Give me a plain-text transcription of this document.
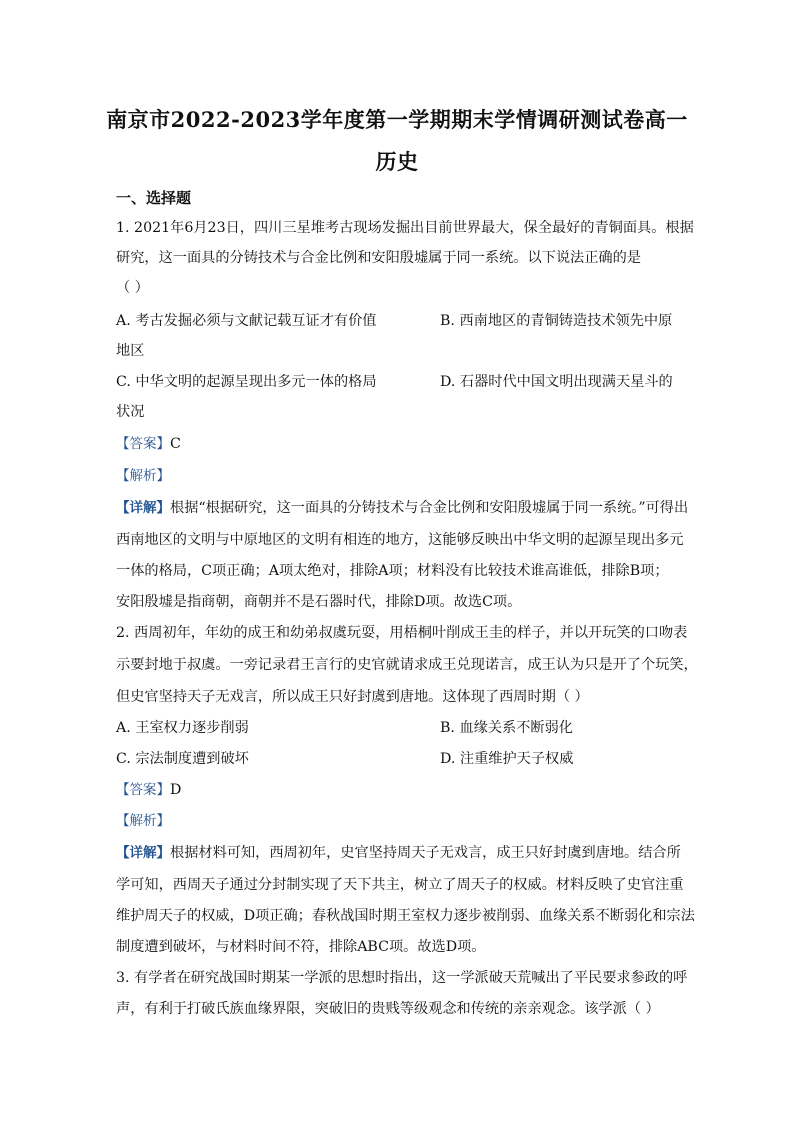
南京市2022-2023学年度第一学期期末学情调研测试卷高一
历史
一、选择题
1. 2021年6月23日，四川三星堆考古现场发掘出目前世界最大，保全最好的青铜面具。根据
研究，这一面具的分铸技术与合金比例和安阳殷墟属于同一系统。以下说法正确的是
（ ）
A. 考古发掘必须与文献记载互证才有价值	B. 西南地区的青铜铸造技术领先中原
地区
C. 中华文明的起源呈现出多元一体的格局	D. 石器时代中国文明出现满天星斗的
状况
【答案】C
【解析】
【详解】根据“根据研究，这一面具的分铸技术与合金比例和安阳殷墟属于同一系统。”可得出
西南地区的文明与中原地区的文明有相连的地方，这能够反映出中华文明的起源呈现出多元
一体的格局，C项正确；A项太绝对，排除A项；材料没有比较技术谁高谁低，排除B项；
安阳殷墟是指商朝，商朝并不是石器时代，排除D项。故选C项。
2. 西周初年，年幼的成王和幼弟叔虞玩耍，用梧桐叶削成王圭的样子，并以开玩笑的口吻表
示要封地于叔虞。一旁记录君王言行的史官就请求成王兑现诺言，成王认为只是开了个玩笑，
但史官坚持天子无戏言，所以成王只好封虞到唐地。这体现了西周时期（ ）
A. 王室权力逐步削弱	B. 血缘关系不断弱化
C. 宗法制度遭到破坏	D. 注重维护天子权威
【答案】D
【解析】
【详解】根据材料可知，西周初年，史官坚持周天子无戏言，成王只好封虞到唐地。结合所
学可知，西周天子通过分封制实现了天下共主，树立了周天子的权威。材料反映了史官注重
维护周天子的权威，D项正确；春秋战国时期王室权力逐步被削弱、血缘关系不断弱化和宗法
制度遭到破坏，与材料时间不符，排除ABC项。故选D项。
3. 有学者在研究战国时期某一学派的思想时指出，这一学派破天荒喊出了平民要求参政的呼
声，有利于打破氏族血缘界限，突破旧的贵贱等级观念和传统的亲亲观念。该学派（ ）
